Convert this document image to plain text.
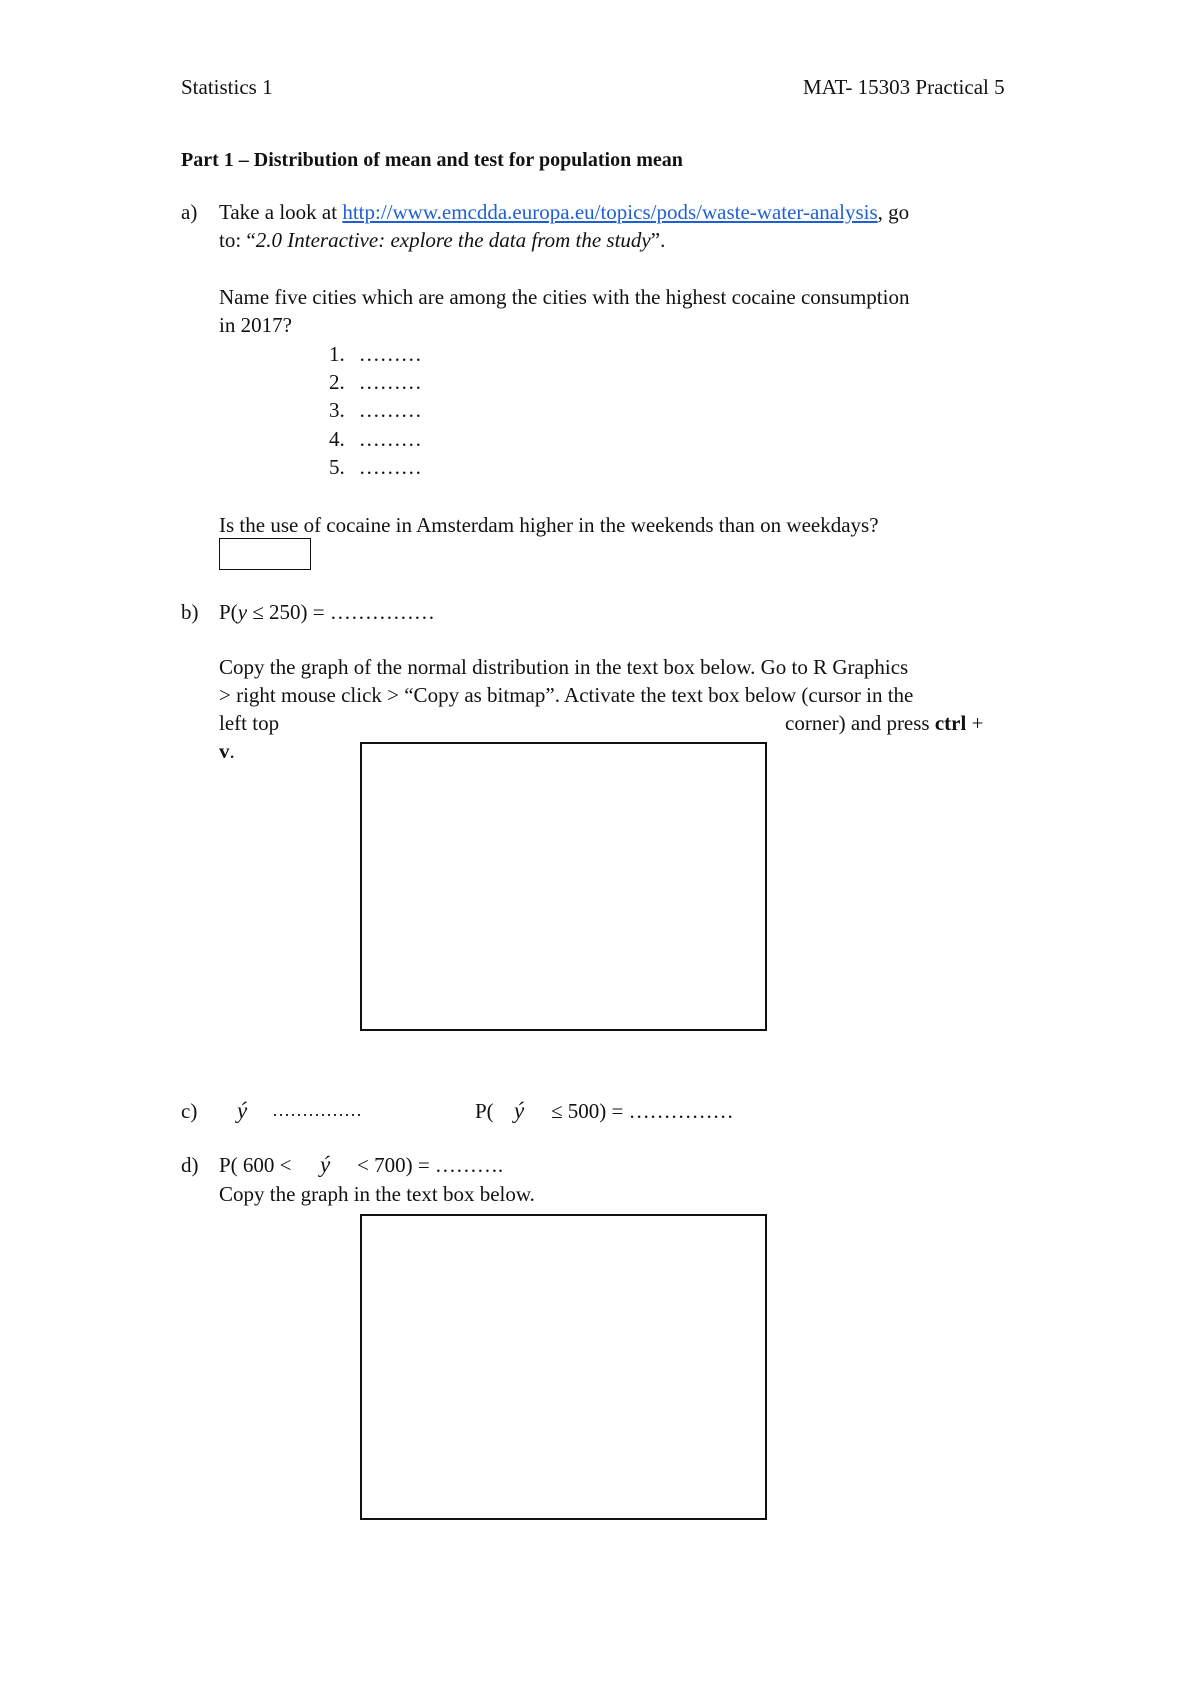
Statistics 1	MAT- 15303 Practical 5
Part 1 – Distribution of mean and test for population mean
a) Take a look at http://www.emcdda.europa.eu/topics/pods/waste-water-analysis, go
to: “2.0 Interactive: explore the data from the study”.
Name five cities which are among the cities with the highest cocaine consumption
in 2017?
1. ………
2. ………
3. ………
4. ………
5. ………
Is the use of cocaine in Amsterdam higher in the weekends than on weekdays?
b) P(y ≤ 250) = ……………
Copy the graph of the normal distribution in the text box below. Go to R Graphics
> right mouse click > “Copy as bitmap”. Activate the text box below (cursor in the
left top	corner) and press ctrl +
v.
c) ý ……………	P( ý ≤ 500) = ……………
d) P( 600 < ý < 700) = ……….
Copy the graph in the text box below.
